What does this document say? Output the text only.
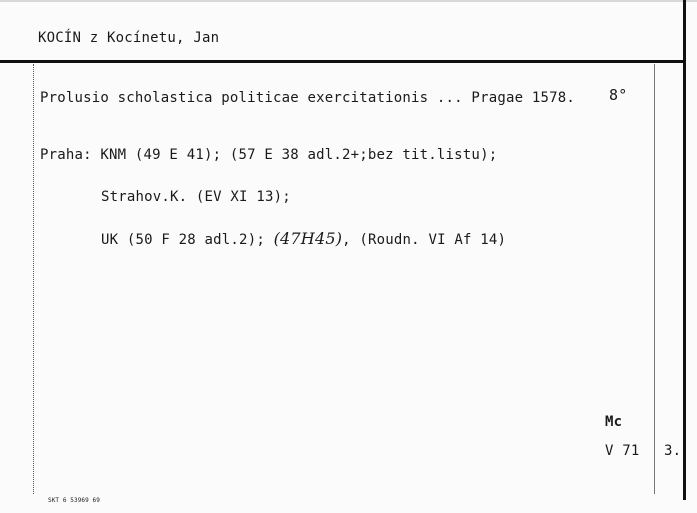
KOCÍN z Kocínetu, Jan
Prolusio scholastica politicae exercitationis ... Pragae 1578. 8°
Praha: KNM (49 E 41); (57 E 38 adl.2+;bez tit.listu);
Strahov.K. (EV XI 13);
UK (50 F 28 adl.2); (47H45), (Roudn. VI Af 14)
Mc
V 71 3.
SKT 6 53969 69
